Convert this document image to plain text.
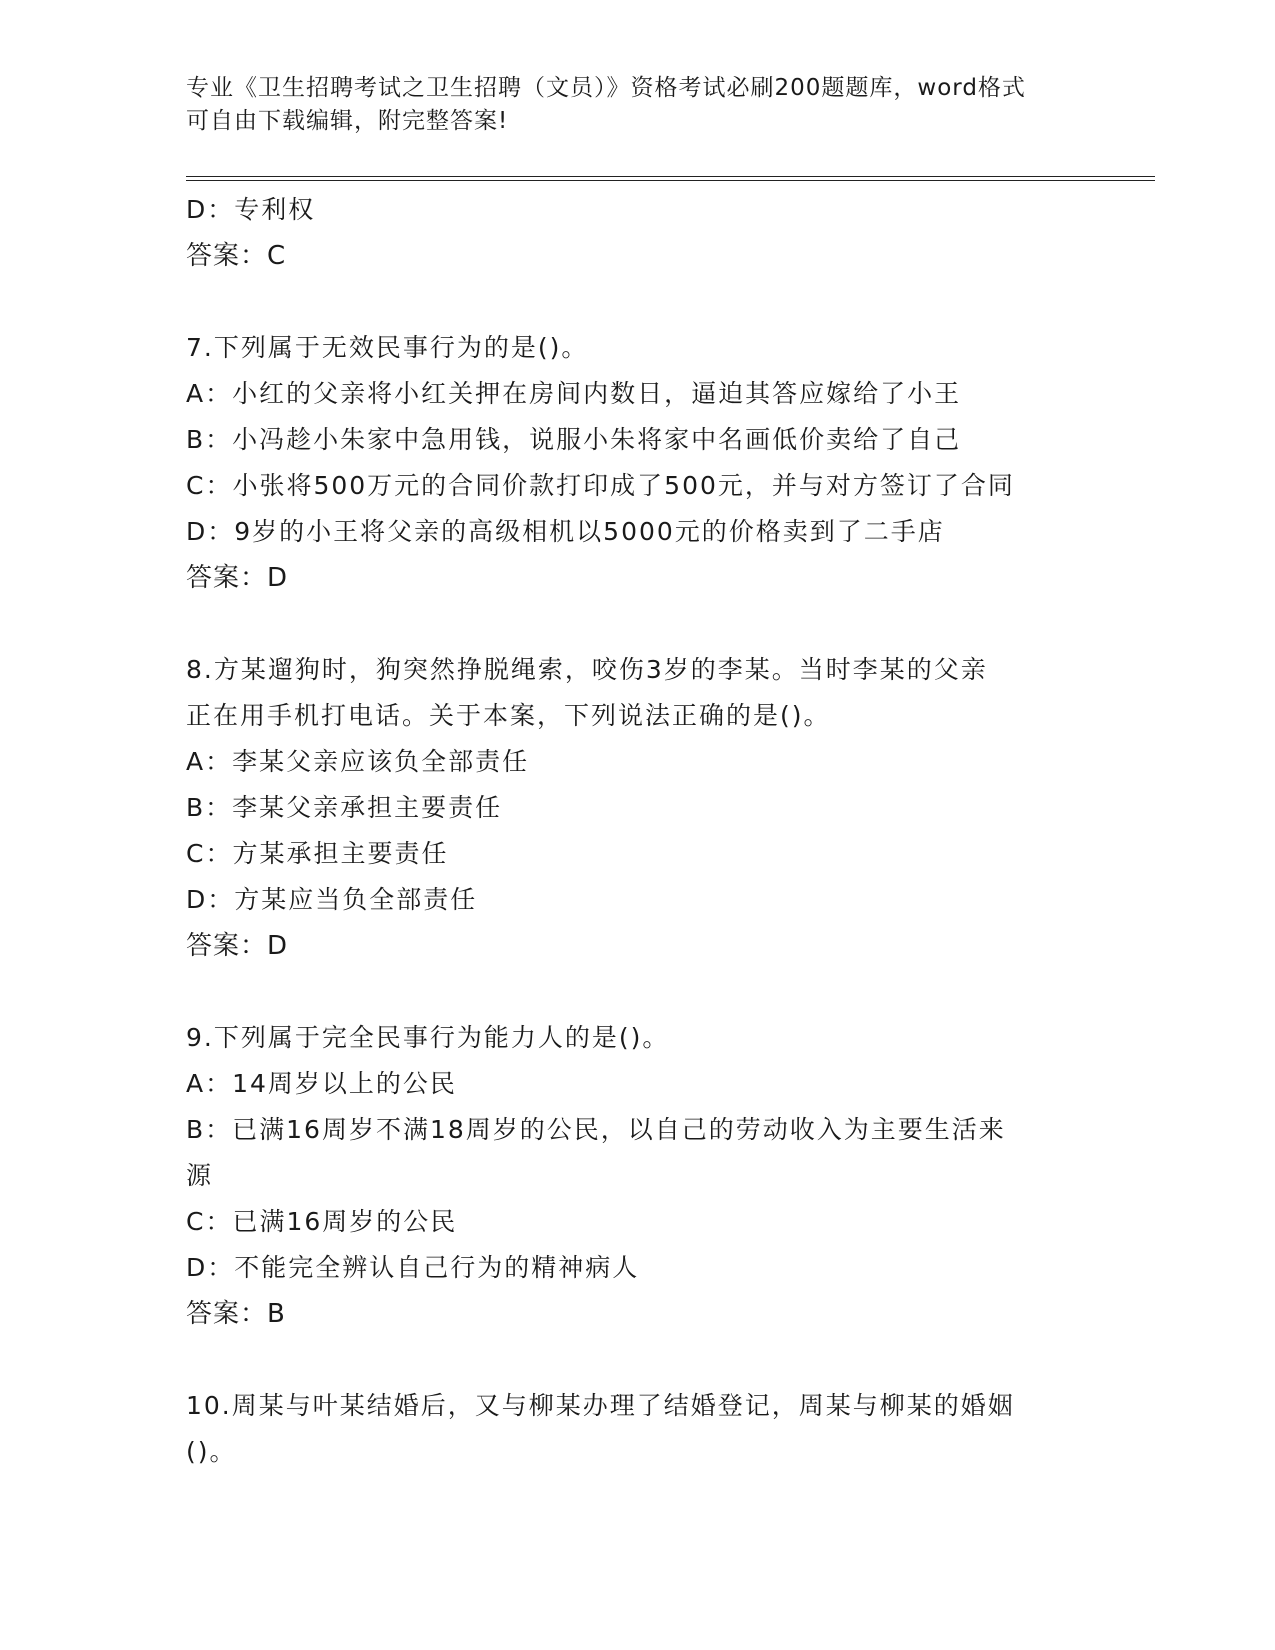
专业《卫生招聘考试之卫生招聘（文员）》资格考试必刷200题题库，word格式
可自由下载编辑，附完整答案!
D：专利权
答案：C
7.下列属于无效民事行为的是()。
A：小红的父亲将小红关押在房间内数日，逼迫其答应嫁给了小王
B：小冯趁小朱家中急用钱，说服小朱将家中名画低价卖给了自己
C：小张将500万元的合同价款打印成了500元，并与对方签订了合同
D：9岁的小王将父亲的高级相机以5000元的价格卖到了二手店
答案：D
8.方某遛狗时，狗突然挣脱绳索，咬伤3岁的李某。当时李某的父亲
正在用手机打电话。关于本案，下列说法正确的是()。
A：李某父亲应该负全部责任
B：李某父亲承担主要责任
C：方某承担主要责任
D：方某应当负全部责任
答案：D
9.下列属于完全民事行为能力人的是()。
A：14周岁以上的公民
B：已满16周岁不满18周岁的公民，以自己的劳动收入为主要生活来
源
C：已满16周岁的公民
D：不能完全辨认自己行为的精神病人
答案：B
10.周某与叶某结婚后，又与柳某办理了结婚登记，周某与柳某的婚姻
()。
